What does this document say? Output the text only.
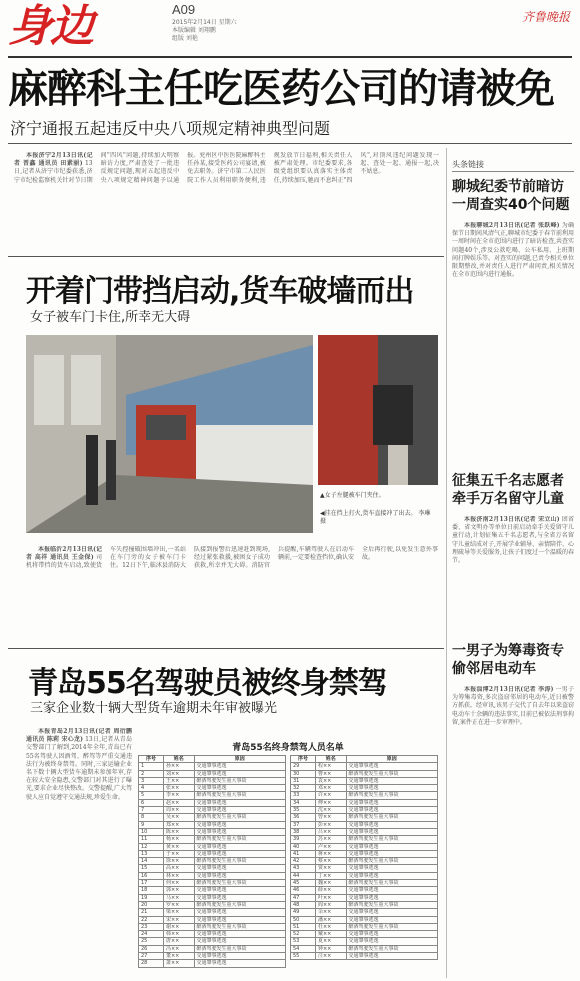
身边	A09
2015年2月14日 星期六
本版编辑 刘翔鹏
组版 刘艳
齐鲁晚报
麻醉科主任吃医药公司的请被免
济宁通报五起违反中央八项规定精神典型问题

本报济宁2月13日讯(记者 晋鑫 通讯员 田素丽) 13日,记者从济宁市纪委获悉,济宁市纪检监察机关针对节日期间"四风"问题,持续加大明察暗访力度,严肃查处了一批违反规定问题,现对五起违反中央八项规定精神问题予以通报。兖州区中医医院麻醉科主任孙某,接受医药公司宴请,被免去职务。济宁市第二人民医院工作人员利用职务便利,违规发放节日福利,相关责任人被严肃处理。市纪委要求,各级党组织要认真落实主体责任,持续加压,驰而不息纠正"四风",对顶风违纪问题发现一起、查处一起、通报一起,决不姑息。

头条链接
聊城纪委节前暗访一周查实40个问题

本报聊城2月13日讯(记者 张跃峰) 为确保节日期间风清气正,聊城市纪委于春节前利用一周时间在全市范围内进行了暗访检查,共查实问题40个,涉及公款吃喝、公车私用、上班期间打牌娱乐等。对查实的问题,已责令相关单位限期整改,并对责任人进行严肃问责,相关情况在全市范围内进行通报。

征集五千名志愿者牵手万名留守儿童

本报济南2月13日讯(记者 宋立山) 团省委、省文明办等单位日前启动牵手关爱留守儿童行动,计划征集五千名志愿者,与全省万名留守儿童结成对子,开展学业辅导、亲情陪伴、心理疏导等关爱服务,让孩子们度过一个温暖的春节。

一男子为筹毒资专偷邻居电动车

本报淄博2月13日讯(记者 李涛) 一男子为筹集毒资,多次盗窃邻居的电动车,近日被警方抓获。经审讯,该男子交代了自去年以来盗窃电动车十余辆的违法事实,目前已被依法刑事拘留,案件正在进一步审理中。

开着门带挡启动,货车破墙而出
女子被车门卡住,所幸无大碍
▲女子左腿被车门夹住。
◀挂在挡上打火,货车直接冲了出去。 李琳 摄

本报临沂2月13日讯(记者 高祥 通讯员 王金保) 司机将带挡的货车启动,致使货车失控撞破围墙冲出,一名站在车门旁的女子被车门卡住。12日下午,临沭县消防大队接到报警后迅速赶到现场,经过紧张救援,被困女子成功获救,所幸并无大碍。消防官兵提醒,车辆驾驶人在启动车辆前,一定要检查挡位,确认安全后再行驶,以免发生意外事故。

青岛55名驾驶员被终身禁驾
三家企业数十辆大型货车逾期未年审被曝光

本报青岛2月13日讯(记者 周衍鹏 通讯员 陈莉 宋心龙) 13日,记者从青岛交警部门了解到,2014年全年,青岛已有55名驾驶人因酒驾、醉驾等严重交通违法行为被终身禁驾。同时,三家运输企业名下数十辆大型货车逾期未参加年审,存在较大安全隐患,交警部门对其进行了曝光,要求企业尽快整改。交警提醒,广大驾驶人应自觉遵守交通法规,珍爱生命。

青岛55名终身禁驾人员名单
序号	姓名	原因
1	孙××	交通肇事逃逸
2	刘××	交通肇事逃逸
3	王××	醉酒驾驶发生重大事故
4	张××	交通肇事逃逸
5	李××	醉酒驾驶发生重大事故
6	赵××	交通肇事逃逸
7	周××	交通肇事逃逸
8	吴××	醉酒驾驶发生重大事故
9	郑××	交通肇事逃逸
10	陈××	交通肇事逃逸
11	杨××	醉酒驾驶发生重大事故
12	黄××	交通肇事逃逸
13	于××	交通肇事逃逸
14	徐××	醉酒驾驶发生重大事故
15	高××	交通肇事逃逸
16	林××	交通肇事逃逸
17	何××	醉酒驾驶发生重大事故
18	郭××	交通肇事逃逸
19	马××	交通肇事逃逸
20	罗××	醉酒驾驶发生重大事故
21	梁××	交通肇事逃逸
22	宋××	交通肇事逃逸
23	谢××	醉酒驾驶发生重大事故
24	韩××	交通肇事逃逸
25	唐××	交通肇事逃逸
26	冯××	醉酒驾驶发生重大事故
27	董××	交通肇事逃逸
28	萧××	交通肇事逃逸
序号	姓名	原因
29	程××	交通肇事逃逸
30	曹××	醉酒驾驶发生重大事故
31	袁××	交通肇事逃逸
32	邓××	交通肇事逃逸
33	许××	醉酒驾驶发生重大事故
34	傅××	交通肇事逃逸
35	沈××	交通肇事逃逸
36	曾××	醉酒驾驶发生重大事故
37	彭××	交通肇事逃逸
38	吕××	交通肇事逃逸
39	苏××	醉酒驾驶发生重大事故
40	卢××	交通肇事逃逸
41	蒋××	交通肇事逃逸
42	蔡××	醉酒驾驶发生重大事故
43	贾××	交通肇事逃逸
44	丁××	交通肇事逃逸
45	魏××	醉酒驾驶发生重大事故
46	薛××	交通肇事逃逸
47	叶××	交通肇事逃逸
48	阎××	醉酒驾驶发生重大事故
49	余××	交通肇事逃逸
50	潘××	交通肇事逃逸
51	杜××	醉酒驾驶发生重大事故
52	戴××	交通肇事逃逸
53	夏××	交通肇事逃逸
54	钟××	醉酒驾驶发生重大事故
55	汪××	交通肇事逃逸
